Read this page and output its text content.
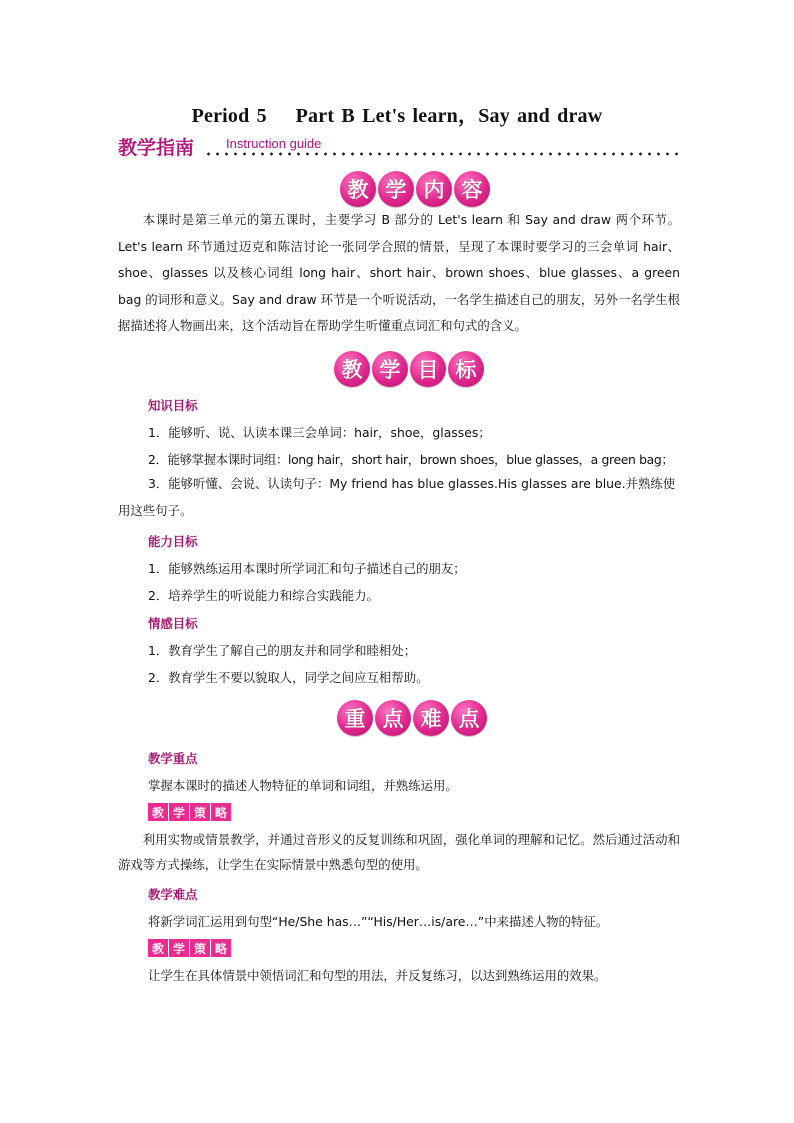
Period 5    Part B Let's learn，Say and draw
教学指南 Instruction guide
教 学 内 容
本课时是第三单元的第五课时，主要学习 B 部分的 Let's learn 和 Say and draw 两个环节。Let's learn 环节通过迈克和陈洁讨论一张同学合照的情景，呈现了本课时要学习的三会单词 hair、shoe、glasses 以及核心词组 long hair、short hair、brown shoes、blue glasses、a green bag 的词形和意义。Say and draw 环节是一个听说活动，一名学生描述自己的朋友，另外一名学生根据描述将人物画出来，这个活动旨在帮助学生听懂重点词汇和句式的含义。
教 学 目 标
知识目标
1．能够听、说、认读本课三会单词：hair，shoe，glasses；
2．能够掌握本课时词组：long hair，short hair，brown shoes，blue glasses，a green bag；
3．能够听懂、会说、认读句子：My friend has blue glasses.His glasses are blue.并熟练使用这些句子。
能力目标
1．能够熟练运用本课时所学词汇和句子描述自己的朋友；
2．培养学生的听说能力和综合实践能力。
情感目标
1．教育学生了解自己的朋友并和同学和睦相处；
2．教育学生不要以貌取人，同学之间应互相帮助。
重 点 难 点
教学重点
掌握本课时的描述人物特征的单词和词组，并熟练运用。
教 学 策 略
利用实物或情景教学，并通过音形义的反复训练和巩固，强化单词的理解和记忆。然后通过活动和游戏等方式操练，让学生在实际情景中熟悉句型的使用。
教学难点
将新学词汇运用到句型“He/She has…”“His/Her…is/are…”中来描述人物的特征。
教 学 策 略
让学生在具体情景中领悟词汇和句型的用法，并反复练习，以达到熟练运用的效果。
